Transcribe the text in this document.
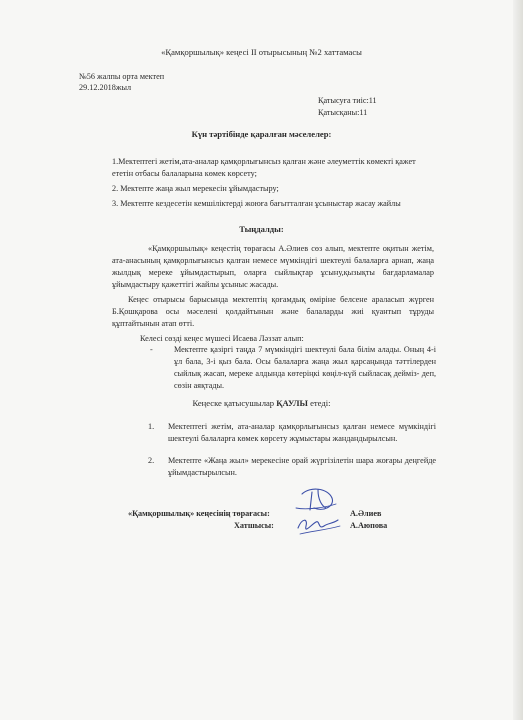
«Қамқоршылық» кеңесі ІІ отырысының №2 хаттамасы
№56 жалпы орта мектеп
29.12.2018жыл
Қатысуға тиіс:11
Қатысқаны:11
Күн тәртібінде қаралған мәселелер:
1.Мектептегі жетім,ата-аналар қамқорлығынсыз қалған және әлеуметтік көмекті қажет ететін отбасы балаларына көмек көрсету;
2. Мектепте жаңа жыл мерекесін ұйымдастыру;
3. Мектепте кездесетін кемшіліктерді жоюға бағытталған ұсыныстар жасау жайлы
Тыңдалды:
«Қамқоршылық» кеңестің төрағасы А.Әлиев сөз алып, мектепте оқитын жетім, ата-анасының қамқорлығынсыз қалған немесе мүмкіндігі шектеулі балаларға арнап, жаңа жылдық мереке ұйымдастырып, оларға сыйлықтар ұсыну,қызықты бағдарламалар ұйымдастыру қажеттігі жайлы ұсыныс жасады.
Кеңес отырысы барысында мектептің қоғамдық өміріне белсене араласып жүрген Б.Қошқарова осы мәселені қолдайтынын және балаларды жиі қуантып тұруды құптайтынын атап өтті.
Келесі сөзді кеңес мүшесі Исаева Ләззат алып:
-	Мектепте қазіргі таңда 7 мүмкіндігі шектеулі бала білім алады. Оның 4-і ұл бала, 3-і қыз бала. Осы балаларға жаңа жыл қарсаңында тәттілерден сыйлық жасап, мереке алдында көтеріңкі көңіл-күй сыйласақ дейміз- деп, сөзін аяқтады.
Кеңеске қатысушылар ҚАУЛЫ етеді:
1. Мектептегі жетім, ата-аналар қамқорлығынсыз қалған немесе мүмкіндігі шектеулі балаларға көмек көрсету жұмыстары жандандырылсын.
2. Мектепте «Жаңа жыл» мерекесіне орай жүргізілетін шара жоғары деңгейде ұйымдастырылсын.
«Қамқоршылық» кеңесінің төрағасы:	А.Әлиев
Хатшысы:	А.Аюпова
